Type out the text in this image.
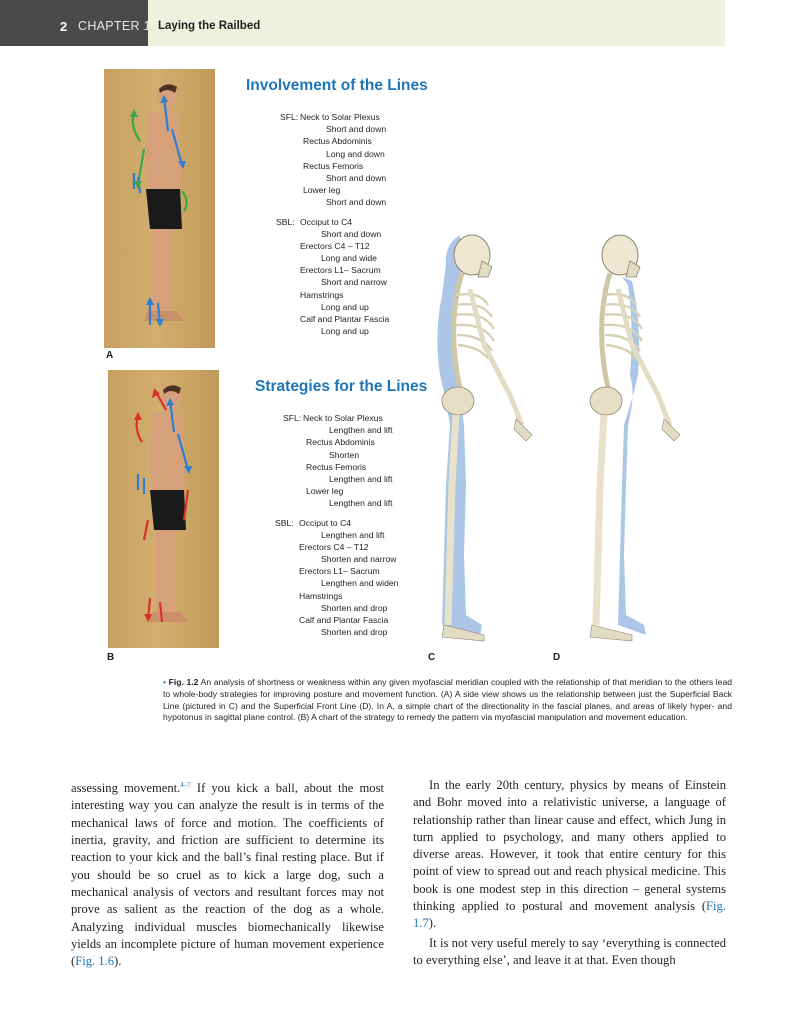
2 CHAPTER 1 Laying the Railbed
A
B
Involvement of the Lines
SFL: Neck to Solar Plexus
Short and down
Rectus Abdominis
Long and down
Rectus Femoris
Short and down
Lower leg
Short and down
SBL: Occiput to C4
Short and down
Erectors C4 – T12
Long and wide
Erectors L1– Sacrum
Short and narrow
Hamstrings
Long and up
Calf and Plantar Fascia
Long and up
Strategies for the Lines
SFL: Neck to Solar Plexus
Lengthen and lift
Rectus Abdominis
Shorten
Rectus Femoris
Lengthen and lift
Lower leg
Lengthen and lift
SBL: Occiput to C4
Lengthen and lift
Erectors C4 – T12
Shorten and narrow
Erectors L1– Sacrum
Lengthen and widen
Hamstrings
Shorten and drop
Calf and Plantar Fascia
Shorten and drop
C	D
• Fig. 1.2 An analysis of shortness or weakness within any given myofascial meridian coupled with the relationship of that meridian to the others lead to whole-body strategies for improving posture and movement function. (A) A side view shows us the relationship between just the Superficial Back Line (pictured in C) and the Superficial Front Line (D). In A, a simple chart of the directionality in the fascial planes, and areas of likely hyper- and hypotonus in sagittal plane control. (B) A chart of the strategy to remedy the pattern via myofascial manipulation and movement education.

assessing movement.$^{4-7}$ If you kick a ball, about the most interesting way you can analyze the result is in terms of the mechanical laws of force and motion. The coefficients of inertia, gravity, and friction are sufficient to determine its reaction to your kick and the ball’s final resting place. But if you should be so cruel as to kick a large dog, such a mechanical analysis of vectors and resultant forces may not prove as salient as the reaction of the dog as a whole. Analyzing individual muscles biomechanically likewise yields an incomplete picture of human movement experience (Fig. 1.6).

In the early 20th century, physics by means of Einstein and Bohr moved into a relativistic universe, a language of relationship rather than linear cause and effect, which Jung in turn applied to psychology, and many others applied to diverse areas. However, it took that entire century for this point of view to spread out and reach physical medicine. This book is one modest step in this direction – general systems thinking applied to postural and movement analysis (Fig. 1.7).

It is not very useful merely to say ‘everything is connected to everything else’, and leave it at that. Even though
